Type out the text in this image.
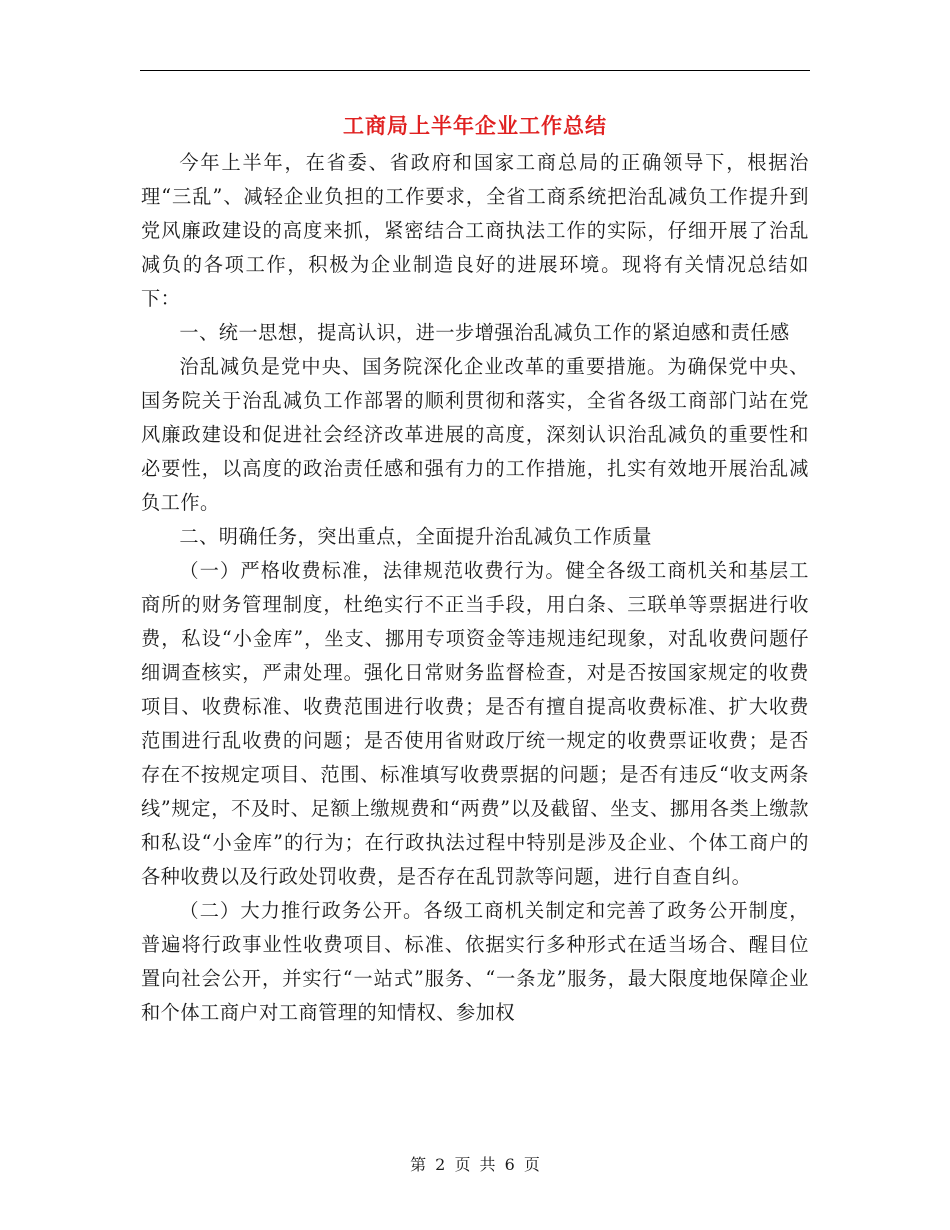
工商局上半年企业工作总结

今年上半年，在省委、省政府和国家工商总局的正确领导下，根据治理“三乱”、减轻企业负担的工作要求，全省工商系统把治乱减负工作提升到党风廉政建设的高度来抓，紧密结合工商执法工作的实际，仔细开展了治乱减负的各项工作，积极为企业制造良好的进展环境。现将有关情况总结如下：

一、统一思想，提高认识，进一步增强治乱减负工作的紧迫感和责任感

治乱减负是党中央、国务院深化企业改革的重要措施。为确保党中央、国务院关于治乱减负工作部署的顺利贯彻和落实，全省各级工商部门站在党风廉政建设和促进社会经济改革进展的高度，深刻认识治乱减负的重要性和必要性，以高度的政治责任感和强有力的工作措施，扎实有效地开展治乱减负工作。

二、明确任务，突出重点，全面提升治乱减负工作质量

（一）严格收费标准，法律规范收费行为。健全各级工商机关和基层工商所的财务管理制度，杜绝实行不正当手段，用白条、三联单等票据进行收费，私设“小金库”，坐支、挪用专项资金等违规违纪现象，对乱收费问题仔细调查核实，严肃处理。强化日常财务监督检查，对是否按国家规定的收费项目、收费标准、收费范围进行收费；是否有擅自提高收费标准、扩大收费范围进行乱收费的问题；是否使用省财政厅统一规定的收费票证收费；是否存在不按规定项目、范围、标准填写收费票据的问题；是否有违反“收支两条线”规定，不及时、足额上缴规费和“两费”以及截留、坐支、挪用各类上缴款和私设“小金库”的行为；在行政执法过程中特别是涉及企业、个体工商户的各种收费以及行政处罚收费，是否存在乱罚款等问题，进行自查自纠。

（二）大力推行政务公开。各级工商机关制定和完善了政务公开制度，普遍将行政事业性收费项目、标准、依据实行多种形式在适当场合、醒目位置向社会公开，并实行“一站式”服务、“一条龙”服务，最大限度地保障企业和个体工商户对工商管理的知情权、参加权

第 2 页 共 6 页
